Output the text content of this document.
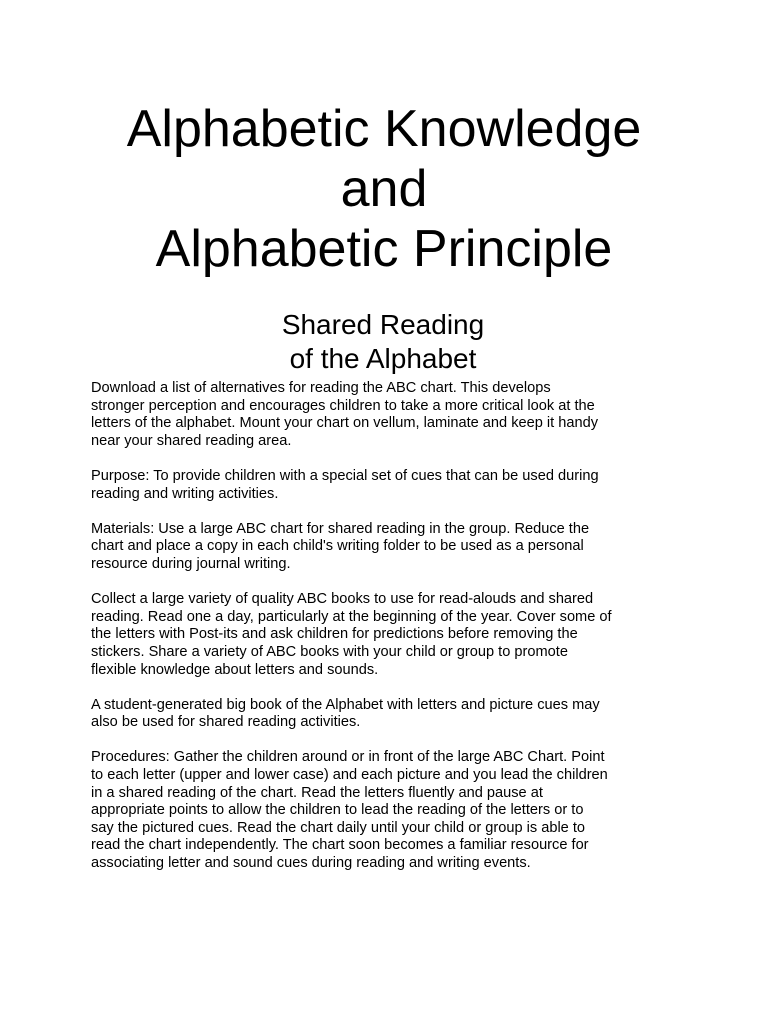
Alphabetic Knowledge
and
Alphabetic Principle
Shared Reading
of the Alphabet

Download a list of alternatives for reading the ABC chart. This develops
stronger perception and encourages children to take a more critical look at the
letters of the alphabet. Mount your chart on vellum, laminate and keep it handy
near your shared reading area.

Purpose: To provide children with a special set of cues that can be used during
reading and writing activities.

Materials: Use a large ABC chart for shared reading in the group. Reduce the
chart and place a copy in each child's writing folder to be used as a personal
resource during journal writing.

Collect a large variety of quality ABC books to use for read-alouds and shared
reading. Read one a day, particularly at the beginning of the year. Cover some of
the letters with Post-its and ask children for predictions before removing the
stickers. Share a variety of ABC books with your child or group to promote
flexible knowledge about letters and sounds.

A student-generated big book of the Alphabet with letters and picture cues may
also be used for shared reading activities.

Procedures: Gather the children around or in front of the large ABC Chart. Point
to each letter (upper and lower case) and each picture and you lead the children
in a shared reading of the chart. Read the letters fluently and pause at
appropriate points to allow the children to lead the reading of the letters or to
say the pictured cues. Read the chart daily until your child or group is able to
read the chart independently. The chart soon becomes a familiar resource for
associating letter and sound cues during reading and writing events.
